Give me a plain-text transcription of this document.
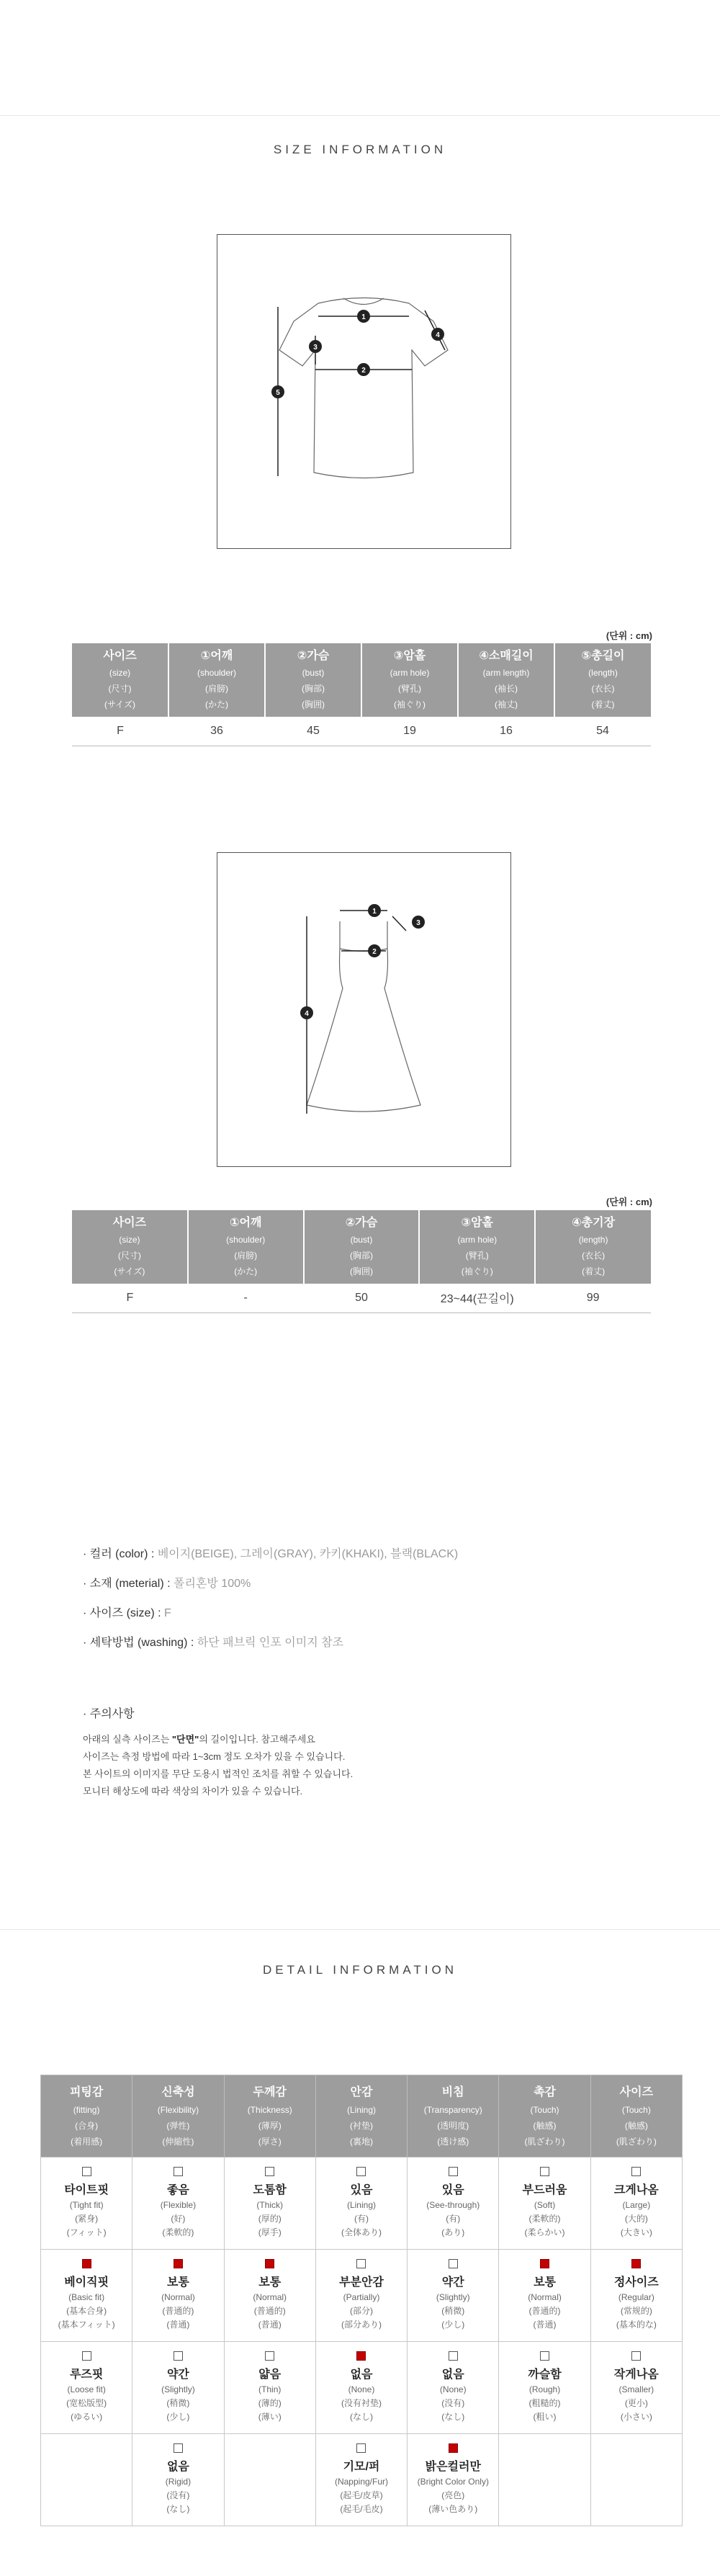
SIZE INFORMATION
1
2
3
4
5
(단위 : cm)
사이즈
(size)
(尺寸)
(サイズ)	①어깨
(shoulder)
(肩膀)
(かた)	②가슴
(bust)
(胸部)
(胸囲)	③암홀
(arm hole)
(臂孔)
(袖ぐり)	④소매길이
(arm length)
(袖长)
(袖丈)	⑤총길이
(length)
(衣长)
(着丈)

F	36	45	19	16	54
1
2
3
4
(단위 : cm)
사이즈
(size)
(尺寸)
(サイズ)	①어깨
(shoulder)
(肩膀)
(かた)	②가슴
(bust)
(胸部)
(胸囲)	③암홀
(arm hole)
(臂孔)
(袖ぐり)	④총기장
(length)
(衣长)
(着丈)

F	-	50	23~44(끈길이)	99
· 컬러 (color) : 베이지(BEIGE), 그레이(GRAY), 카키(KHAKI), 블랙(BLACK)
· 소재 (meterial) : 폴리혼방 100%
· 사이즈 (size) : F
· 세탁방법 (washing) : 하단 패브릭 인포 이미지 참조
· 주의사항
아래의 실측 사이즈는 "단면"의 길이입니다. 참고해주세요
사이즈는 측정 방법에 따라 1~3cm 정도 오차가 있을 수 있습니다.
본 사이트의 이미지를 무단 도용시 법적인 조치를 취할 수 있습니다.
모니터 해상도에 따라 색상의 차이가 있을 수 있습니다.
DETAIL INFORMATION
피팅감
(fitting)
(合身)
(着用感)	신축성
(Flexibility)
(弹性)
(伸縮性)	두께감
(Thickness)
(薄厚)
(厚さ)	안감
(Lining)
(衬垫)
(裏地)	비침
(Transparency)
(透明度)
(透け感)	촉감
(Touch)
(触感)
(肌ざわり)	사이즈
(Touch)
(触感)
(肌ざわり)

타이트핏
(Tight fit)
(紧身)
(フィット)	좋음
(Flexible)
(好)
(柔軟的)	도톰함
(Thick)
(厚的)
(厚手)	있음
(Lining)
(有)
(全体あり)	있음
(See-through)
(有)
(あり)	부드러움
(Soft)
(柔軟的)
(柔らかい)	크게나옴
(Large)
(大的)
(大きい)

베이직핏
(Basic fit)
(基本合身)
(基本フィット)	보통
(Normal)
(普通的)
(普通)	보통
(Normal)
(普通的)
(普通)	부분안감
(Partially)
(部分)
(部分あり)	약간
(Slightly)
(稍微)
(少し)	보통
(Normal)
(普通的)
(普通)	정사이즈
(Regular)
(常规的)
(基本的な)

루즈핏
(Loose fit)
(宽松版型)
(ゆるい)	약간
(Slightly)
(稍微)
(少し)	얇음
(Thin)
(薄的)
(薄い)	없음
(None)
(没有衬垫)
(なし)	없음
(None)
(没有)
(なし)	까슬함
(Rough)
(粗糙的)
(粗い)	작게나옴
(Smaller)
(更小)
(小さい)

	없음
(Rigid)
(没有)
(なし)		기모/퍼
(Napping/Fur)
(起毛/皮草)
(起毛/毛皮)	밝은컬러만
(Bright Color Only)
(亮色)
(薄い色あり)		
